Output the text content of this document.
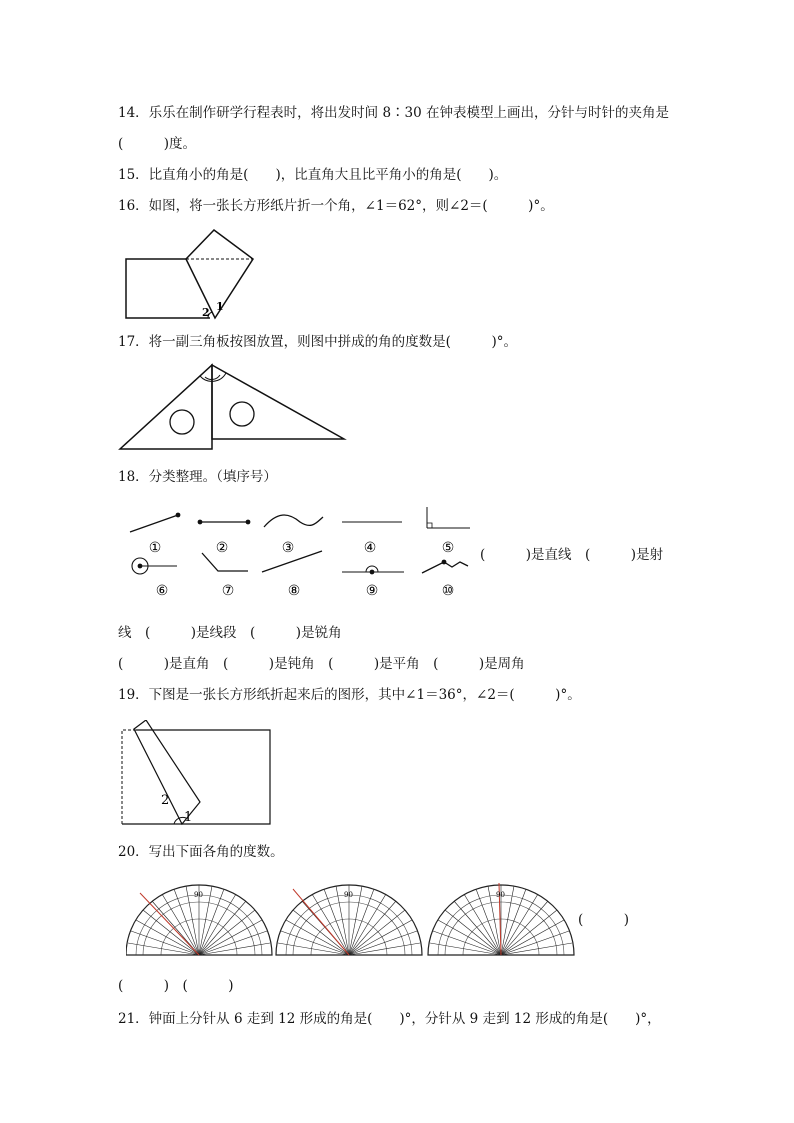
14．乐乐在制作研学行程表时，将出发时间 8∶30 在钟表模型上画出，分针与时针的夹角是
(　　　)度。
15．比直角小的角是(　　)，比直角大且比平角小的角是(　　)。
16．如图，将一张长方形纸片折一个角，∠1＝62°，则∠2＝(　　　)°。
1
2
17．将一副三角板按图放置，则图中拼成的角的度数是(　　　)°。
18．分类整理。（填序号）
①	②	③	④	⑤
⑥	⑦	⑧	⑨	⑩
(　　　)是直线　(　　　)是射
线　(　　　)是线段　(　　　)是锐角
(　　　)是直角　(　　　)是钝角　(　　　)是平角　(　　　)是周角
19．下图是一张长方形纸折起来后的图形，其中∠1＝36°，∠2＝(　　　)°。
2
1
20．写出下面各角的度数。
90	90	90
(　　　)
(　　　)　(　　　)
21．钟面上分针从 6 走到 12 形成的角是(　　)°，分针从 9 走到 12 形成的角是(　　)°，
